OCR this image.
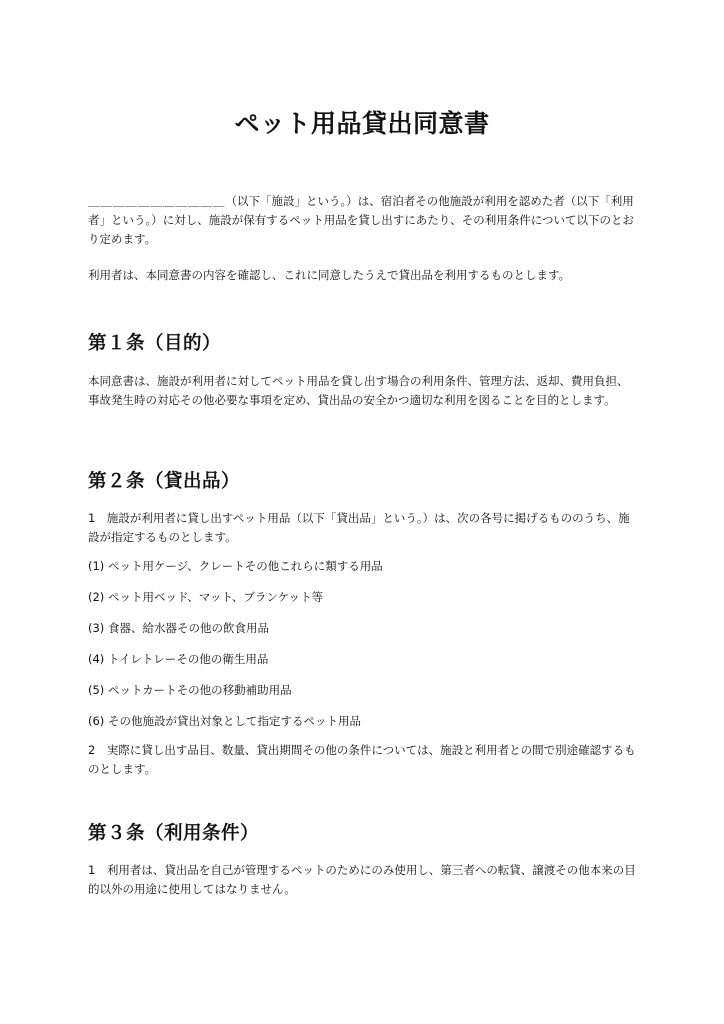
ペット用品貸出同意書

＿＿＿＿＿＿＿＿＿＿＿（以下「施設」という。）は、宿泊者その他施設が利用を認めた者（以下「利用者」という。）に対し、施設が保有するペット用品を貸し出すにあたり、その利用条件について以下のとおり定めます。

利用者は、本同意書の内容を確認し、これに同意したうえで貸出品を利用するものとします。

第１条（目的）

本同意書は、施設が利用者に対してペット用品を貸し出す場合の利用条件、管理方法、返却、費用負担、事故発生時の対応その他必要な事項を定め、貸出品の安全かつ適切な利用を図ることを目的とします。

第２条（貸出品）

1　施設が利用者に貸し出すペット用品（以下「貸出品」という。）は、次の各号に掲げるもののうち、施設が指定するものとします。

(1) ペット用ケージ、クレートその他これらに類する用品

(2) ペット用ベッド、マット、ブランケット等

(3) 食器、給水器その他の飲食用品

(4) トイレトレーその他の衛生用品

(5) ペットカートその他の移動補助用品

(6) その他施設が貸出対象として指定するペット用品

2　実際に貸し出す品目、数量、貸出期間その他の条件については、施設と利用者との間で別途確認するものとします。

第３条（利用条件）

1　利用者は、貸出品を自己が管理するペットのためにのみ使用し、第三者への転貸、譲渡その他本来の目的以外の用途に使用してはなりません。
